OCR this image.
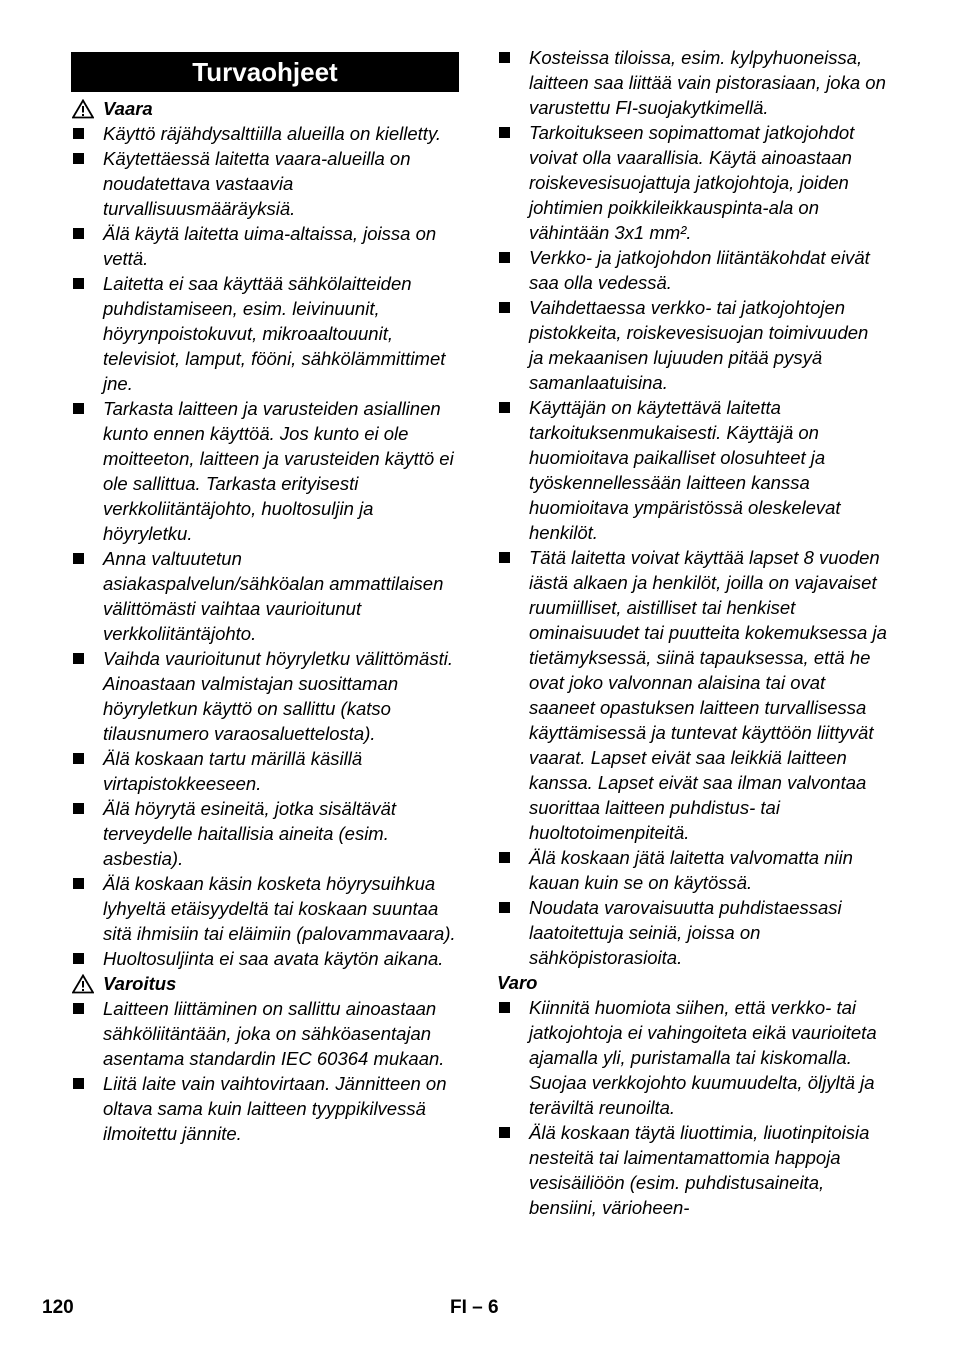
Turvaohjeet
Vaara
Käyttö räjähdysalttiilla alueilla on kielletty.
Käytettäessä laitetta vaara-alueilla on noudatettava vastaavia turvallisuusmääräyksiä.
Älä käytä laitetta uima-altaissa, joissa on vettä.
Laitetta ei saa käyttää sähkölaitteiden puhdistamiseen, esim. leivinuunit, höyrynpoistokuvut, mikroaaltouunit, televisiot, lamput, fööni, sähkölämmittimet jne.
Tarkasta laitteen ja varusteiden asiallinen kunto ennen käyttöä. Jos kunto ei ole moitteeton, laitteen ja varusteiden käyttö ei ole sallittua. Tarkasta erityisesti verkkoliitäntäjohto, huoltosuljin ja höyryletku.
Anna valtuutetun asiakaspalvelun/sähköalan ammattilaisen välittömästi vaihtaa vaurioitunut verkkoliitäntäjohto.
Vaihda vaurioitunut höyryletku välittömästi. Ainoastaan valmistajan suosittaman höyryletkun käyttö on sallittu (katso tilausnumero varaosaluettelosta).
Älä koskaan tartu märillä käsillä virtapistokkeeseen.
Älä höyrytä esineitä, jotka sisältävät terveydelle haitallisia aineita (esim. asbestia).
Älä koskaan käsin kosketa höyrysuihkua lyhyeltä etäisyydeltä tai koskaan suuntaa sitä ihmisiin tai eläimiin (palovammavaara).
Huoltosuljinta ei saa avata käytön aikana.
Varoitus
Laitteen liittäminen on sallittu ainoastaan sähköliitäntään, joka on sähköasentajan asentama standardin IEC 60364 mukaan.
Liitä laite vain vaihtovirtaan. Jännitteen on oltava sama kuin laitteen tyyppikilvessä ilmoitettu jännite.
Kosteissa tiloissa, esim. kylpyhuoneissa, laitteen saa liittää vain pistorasiaan, joka on varustettu FI-suojakytkimellä.
Tarkoitukseen sopimattomat jatkojohdot voivat olla vaarallisia. Käytä ainoastaan roiskevesisuojattuja jatkojohtoja, joiden johtimien poikkileikkauspinta-ala on vähintään 3x1 mm².
Verkko- ja jatkojohdon liitäntäkohdat eivät saa olla vedessä.
Vaihdettaessa verkko- tai jatkojohtojen pistokkeita, roiskevesisuojan toimivuuden ja mekaanisen lujuuden pitää pysyä samanlaatuisina.
Käyttäjän on käytettävä laitetta tarkoituksenmukaisesti. Käyttäjä on huomioitava paikalliset olosuhteet ja työskennellessään laitteen kanssa huomioitava ympäristössä oleskelevat henkilöt.
Tätä laitetta voivat käyttää lapset 8 vuoden iästä alkaen ja henkilöt, joilla on vajavaiset ruumiilliset, aistilliset tai henkiset ominaisuudet tai puutteita kokemuksessa ja tietämyksessä, siinä tapauksessa, että he ovat joko valvonnan alaisina tai ovat saaneet opastuksen laitteen turvallisessa käyttämisessä ja tuntevat käyttöön liittyvät vaarat. Lapset eivät saa leikkiä laitteen kanssa. Lapset eivät saa ilman valvontaa suorittaa laitteen puhdistus- tai huoltotoimenpiteitä.
Älä koskaan jätä laitetta valvomatta niin kauan kuin se on käytössä.
Noudata varovaisuutta puhdistaessasi laatoitettuja seiniä, joissa on sähköpistorasioita.
Varo
Kiinnitä huomiota siihen, että verkko- tai jatkojohtoja ei vahingoiteta eikä vaurioiteta ajamalla yli, puristamalla tai kiskomalla. Suojaa verkkojohto kuumuudelta, öljyltä ja teräviltä reunoilta.
Älä koskaan täytä liuottimia, liuotinpitoisia nesteitä tai laimentamattomia happoja vesisäiliöön (esim. puhdistusaineita, bensiini, värioheen-
120	FI – 6
